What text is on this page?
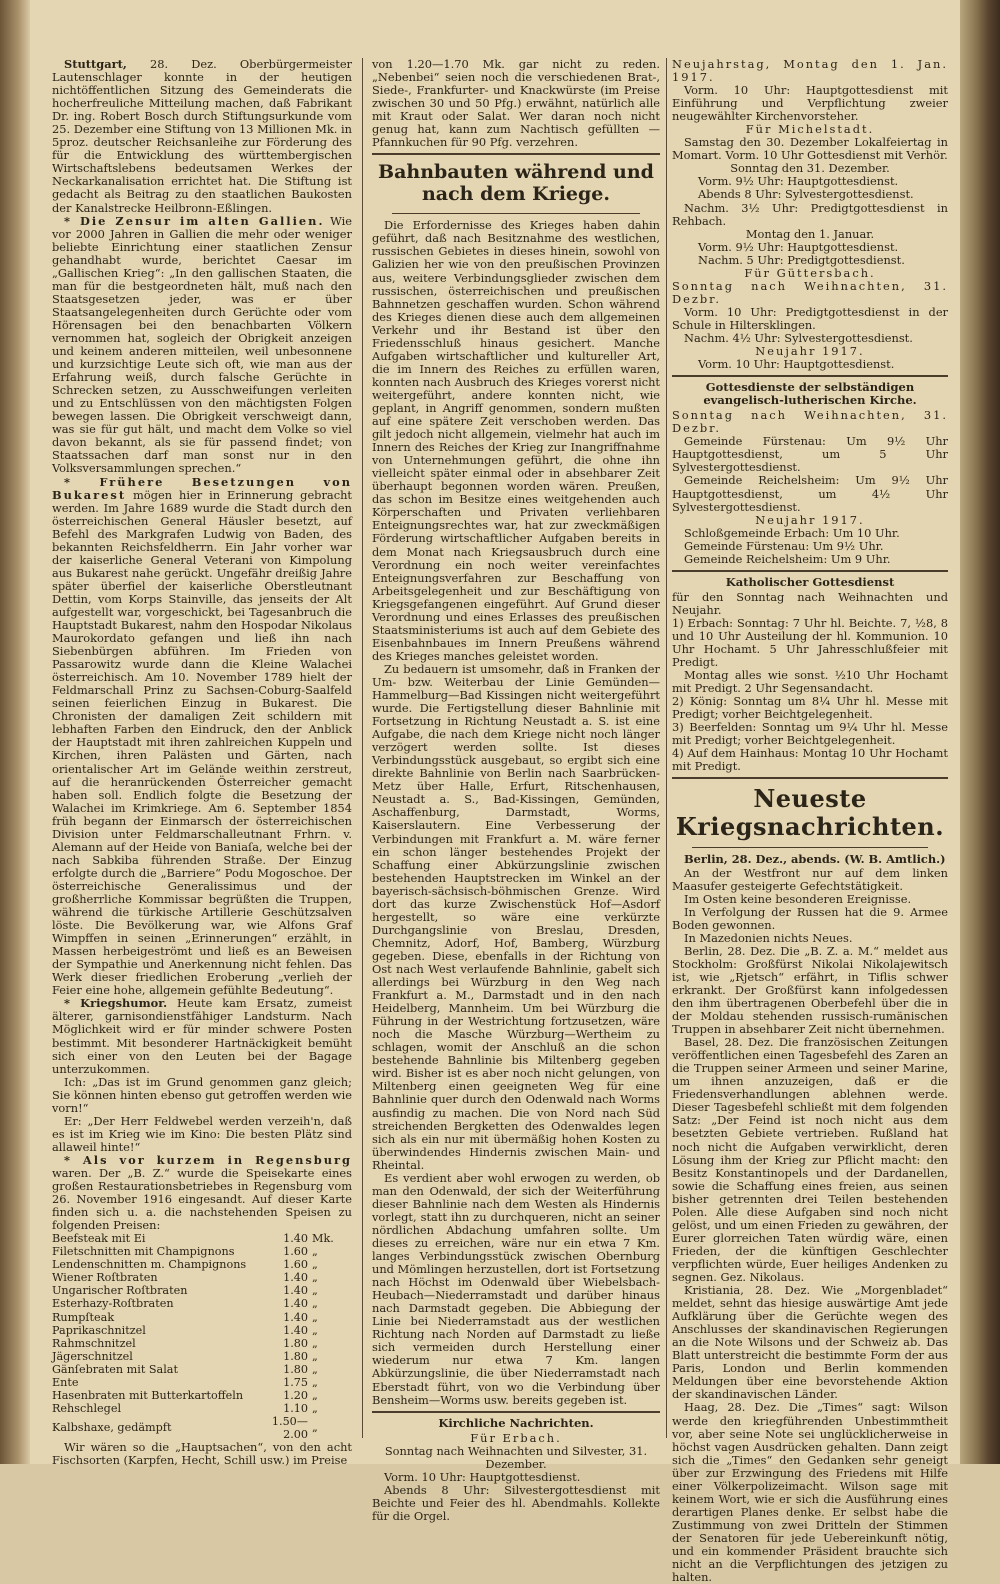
Stuttgart, 28. Dez. Oberbürgermeister Lautenschlager konnte in der heutigen nichtöffentlichen Sitzung des Gemeinderats die hocherfreuliche Mitteilung machen, daß Fabrikant Dr. ing. Robert Bosch durch Stiftungsurkunde vom 25. Dezember eine Stiftung von 13 Millionen Mk. in 5proz. deutscher Reichsanleihe zur Förderung des für die Entwicklung des württembergischen Wirtschaftslebens bedeutsamen Werkes der Neckarkanalisation errichtet hat. Die Stiftung ist gedacht als Beitrag zu den staatlichen Baukosten der Kanalstrecke Heilbronn-Eßlingen.

* Die Zensur im alten Gallien. Wie vor 2000 Jahren in Gallien die mehr oder weniger beliebte Einrichtung einer staatlichen Zensur gehandhabt wurde, berichtet Caesar im „Gallischen Krieg“: „In den gallischen Staaten, die man für die bestgeordneten hält, muß nach den Staatsgesetzen jeder, was er über Staatsangelegenheiten durch Gerüchte oder vom Hörensagen bei den benachbarten Völkern vernommen hat, sogleich der Obrigkeit anzeigen und keinem anderen mitteilen, weil unbesonnene und kurzsichtige Leute sich oft, wie man aus der Erfahrung weiß, durch falsche Gerüchte in Schrecken setzen, zu Ausschweifungen verleiten und zu Entschlüssen von den mächtigsten Folgen bewegen lassen. Die Obrigkeit verschweigt dann, was sie für gut hält, und macht dem Volke so viel davon bekannt, als sie für passend findet; von Staatssachen darf man sonst nur in den Volksversammlungen sprechen.“

* Frühere Besetzungen von Bukarest mögen hier in Erinnerung gebracht werden. Im Jahre 1689 wurde die Stadt durch den österreichischen General Häusler besetzt, auf Befehl des Markgrafen Ludwig von Baden, des bekannten Reichsfeldherrn. Ein Jahr vorher war der kaiserliche General Veterani von Kimpolung aus Bukarest nahe gerückt. Ungefähr dreißig Jahre später überfiel der kaiserliche Oberstleutnant Dettin, vom Korps Stainville, das jenseits der Alt aufgestellt war, vorgeschickt, bei Tagesanbruch die Hauptstadt Bukarest, nahm den Hospodar Nikolaus Maurokordato gefangen und ließ ihn nach Siebenbürgen abführen. Im Frieden von Passarowitz wurde dann die Kleine Walachei österreichisch. Am 10. November 1789 hielt der Feldmarschall Prinz zu Sachsen-Coburg-Saalfeld seinen feierlichen Einzug in Bukarest. Die Chronisten der damaligen Zeit schildern mit lebhaften Farben den Eindruck, den der Anblick der Hauptstadt mit ihren zahlreichen Kuppeln und Kirchen, ihren Palästen und Gärten, nach orientalischer Art im Gelände weithin zerstreut, auf die heranrückenden Österreicher gemacht haben soll. Endlich folgte die Besetzung der Walachei im Krimkriege. Am 6. September 1854 früh begann der Einmarsch der österreichischen Division unter Feldmarschalleutnant Frhrn. v. Alemann auf der Heide von Baniaſa, welche bei der nach Sabkiba führenden Straße. Der Einzug erfolgte durch die „Barriere“ Podu Mogoschoe. Der österreichische Generalissimus und der großherrliche Kommissar begrüßten die Truppen, während die türkische Artillerie Geschützsalven löste. Die Bevölkerung war, wie Alfons Graf Wimpffen in seinen „Erinnerungen“ erzählt, in Massen herbeigeströmt und ließ es an Beweisen der Sympathie und Anerkennung nicht fehlen. Das Werk dieser friedlichen Eroberung „verlieh der Feier eine hohe, allgemein gefühlte Bedeutung“.

* Kriegshumor. Heute kam Ersatz, zumeist älterer, garnisondienstfähiger Landsturm. Nach Möglichkeit wird er für minder schwere Posten bestimmt. Mit besonderer Hartnäckigkeit bemüht sich einer von den Leuten bei der Bagage unterzukommen.

Ich: „Das ist im Grund genommen ganz gleich; Sie können hinten ebenso gut getroffen werden wie vorn!“

Er: „Der Herr Feldwebel werden verzeih'n, daß es ist im Krieg wie im Kino: Die besten Plätz sind allaweil hinte!“

* Als vor kurzem in Regensburg waren. Der „B. Z.“ wurde die Speisekarte eines großen Restaurationsbetriebes in Regensburg vom 26. November 1916 eingesandt. Auf dieser Karte finden sich u. a. die nachstehenden Speisen zu folgenden Preisen:

Beefsteak mit Ei	1.40	Mk.
Filetschnitten mit Champignons	1.60	„
Lendenschnitten m. Champignons	1.60	„
Wiener Roſtbraten	1.40	„
Ungarischer Roſtbraten	1.40	„
Esterhazy-Roſtbraten	1.40	„
Rumpſteak	1.40	„
Paprikaschnitzel	1.40	„
Rahmschnitzel	1.80	„
Jägerschnitzel	1.80	„
Gänſebraten mit Salat	1.80	„
Ente	1.75	„
Hasenbraten mit Butterkartoffeln	1.20	„
Rehschlegel	1.10	„
Kalbshaxe, gedämpft	1.50—2.00	„

Wir wären so die „Hauptsachen“, von den acht Fischsorten (Karpfen, Hecht, Schill usw.) im Preise

von 1.20—1.70 Mk. gar nicht zu reden. „Nebenbei“ seien noch die verschiedenen Brat-, Siede-, Frankfurter- und Knackwürste (im Preise zwischen 30 und 50 Pfg.) erwähnt, natürlich alle mit Kraut oder Salat. Wer daran noch nicht genug hat, kann zum Nachtisch gefüllten — Pfannkuchen für 90 Pfg. verzehren.

Bahnbauten während und nach dem Kriege.

Die Erfordernisse des Krieges haben dahin geführt, daß nach Besitznahme des westlichen, russischen Gebietes in dieses hinein, sowohl von Galizien her wie von den preußischen Provinzen aus, weitere Verbindungsglieder zwischen dem russischen, österreichischen und preußischen Bahnnetzen geschaffen wurden. Schon während des Krieges dienen diese auch dem allgemeinen Verkehr und ihr Bestand ist über den Friedensschluß hinaus gesichert. Manche Aufgaben wirtschaftlicher und kultureller Art, die im Innern des Reiches zu erfüllen waren, konnten nach Ausbruch des Krieges vorerst nicht weitergeführt, andere konnten nicht, wie geplant, in Angriff genommen, sondern mußten auf eine spätere Zeit verschoben werden. Das gilt jedoch nicht allgemein, vielmehr hat auch im Innern des Reiches der Krieg zur Inangriffnahme von Unternehmungen geführt, die ohne ihn vielleicht später einmal oder in absehbarer Zeit überhaupt begonnen worden wären. Preußen, das schon im Besitze eines weitgehenden auch Körperschaften und Privaten verliehbaren Enteignungsrechtes war, hat zur zweckmäßigen Förderung wirtschaftlicher Aufgaben bereits in dem Monat nach Kriegsausbruch durch eine Verordnung ein noch weiter vereinfachtes Enteignungsverfahren zur Beschaffung von Arbeitsgelegenheit und zur Beschäftigung von Kriegsgefangenen eingeführt. Auf Grund dieser Verordnung und eines Erlasses des preußischen Staatsministeriums ist auch auf dem Gebiete des Eisenbahnbaues im Innern Preußens während des Krieges manches geleistet worden.

Zu bedauern ist umsomehr, daß in Franken der Um- bzw. Weiterbau der Linie Gemünden—Hammelburg—Bad Kissingen nicht weitergeführt wurde. Die Fertigstellung dieser Bahnlinie mit Fortsetzung in Richtung Neustadt a. S. ist eine Aufgabe, die nach dem Kriege nicht noch länger verzögert werden sollte. Ist dieses Verbindungsstück ausgebaut, so ergibt sich eine direkte Bahnlinie von Berlin nach Saarbrücken-Metz über Halle, Erfurt, Ritschenhausen, Neustadt a. S., Bad-Kissingen, Gemünden, Aschaffenburg, Darmstadt, Worms, Kaiserslautern. Eine Verbesserung der Verbindungen mit Frankfurt a. M. wäre ferner ein schon länger bestehendes Projekt der Schaffung einer Abkürzungslinie zwischen bestehenden Hauptstrecken im Winkel an der bayerisch-sächsisch-böhmischen Grenze. Wird dort das kurze Zwischenstück Hof—Asdorf hergestellt, so wäre eine verkürzte Durchgangslinie von Breslau, Dresden, Chemnitz, Adorf, Hof, Bamberg, Würzburg gegeben. Diese, ebenfalls in der Richtung von Ost nach West verlaufende Bahnlinie, gabelt sich allerdings bei Würzburg in den Weg nach Frankfurt a. M., Darmstadt und in den nach Heidelberg, Mannheim. Um bei Würzburg die Führung in der Westrichtung fortzusetzen, wäre noch die Masche Würzburg—Wertheim zu schlagen, womit der Anschluß an die schon bestehende Bahnlinie bis Miltenberg gegeben wird. Bisher ist es aber noch nicht gelungen, von Miltenberg einen geeigneten Weg für eine Bahnlinie quer durch den Odenwald nach Worms ausfindig zu machen. Die von Nord nach Süd streichenden Bergketten des Odenwaldes legen sich als ein nur mit übermäßig hohen Kosten zu überwindendes Hindernis zwischen Main- und Rheintal.

Es verdient aber wohl erwogen zu werden, ob man den Odenwald, der sich der Weiterführung dieser Bahnlinie nach dem Westen als Hindernis vorlegt, statt ihn zu durchqueren, nicht an seiner nördlichen Abdachung umfahren sollte. Um dieses zu erreichen, wäre nur ein etwa 7 Km. langes Verbindungsstück zwischen Obernburg und Mömlingen herzustellen, dort ist Fortsetzung nach Höchst im Odenwald über Wiebelsbach-Heubach—Niederramstadt und darüber hinaus nach Darmstadt gegeben. Die Abbiegung der Linie bei Niederramstadt aus der westlichen Richtung nach Norden auf Darmstadt zu ließe sich vermeiden durch Herstellung einer wiederum nur etwa 7 Km. langen Abkürzungslinie, die über Niederramstadt nach Eberstadt führt, von wo die Verbindung über Bensheim—Worms usw. bereits gegeben ist.

Kirchliche Nachrichten.

Für Erbach.

Sonntag nach Weihnachten und Silvester, 31. Dezember.

Vorm. 10 Uhr: Hauptgottesdienst.

Abends 8 Uhr: Silvestergottesdienst mit Beichte und Feier des hl. Abendmahls. Kollekte für die Orgel.

Neujahrstag, Montag den 1. Jan. 1917.

Vorm. 10 Uhr: Hauptgottesdienst mit Einführung und Verpflichtung zweier neugewählter Kirchenvorsteher.

Für Michelstadt.

Samstag den 30. Dezember Lokalfeiertag in Momart. Vorm. 10 Uhr Gottesdienst mit Verhör.

Sonntag den 31. Dezember.

Vorm. 9½ Uhr: Hauptgottesdienst.

Abends 8 Uhr: Sylvestergottesdienst.

Nachm. 3½ Uhr: Predigtgottesdienst in Rehbach.

Montag den 1. Januar.

Vorm. 9½ Uhr: Hauptgottesdienst.

Nachm. 5 Uhr: Predigtgottesdienst.

Für Güttersbach.

Sonntag nach Weihnachten, 31. Dezbr.

Vorm. 10 Uhr: Predigtgottesdienst in der Schule in Hiltersklingen.

Nachm. 4½ Uhr: Sylvestergottesdienst.

Neujahr 1917.

Vorm. 10 Uhr: Hauptgottesdienst.

Gottesdienste der selbständigen evangelisch-lutherischen Kirche.

Sonntag nach Weihnachten, 31. Dezbr.

Gemeinde Fürstenau: Um 9½ Uhr Hauptgottesdienst, um 5 Uhr Sylvestergottesdienst.

Gemeinde Reichelsheim: Um 9½ Uhr Hauptgottesdienst, um 4½ Uhr Sylvestergottesdienst.

Neujahr 1917.

Schloßgemeinde Erbach: Um 10 Uhr.

Gemeinde Fürstenau: Um 9½ Uhr.

Gemeinde Reichelsheim: Um 9 Uhr.

Katholischer Gottesdienst

für den Sonntag nach Weihnachten und Neujahr.

1) Erbach: Sonntag: 7 Uhr hl. Beichte. 7, ½8, 8 und 10 Uhr Austeilung der hl. Kommunion. 10 Uhr Hochamt. 5 Uhr Jahresschlußfeier mit Predigt.

Montag alles wie sonst. ½10 Uhr Hochamt mit Predigt. 2 Uhr Segensandacht.

2) König: Sonntag um 8¼ Uhr hl. Messe mit Predigt; vorher Beichtgelegenheit.

3) Beerfelden: Sonntag um 9¼ Uhr hl. Messe mit Predigt; vorher Beichtgelegenheit.

4) Auf dem Hainhaus: Montag 10 Uhr Hochamt mit Predigt.

Neueste Kriegsnachrichten.

Berlin, 28. Dez., abends. (W. B. Amtlich.)

An der Westfront nur auf dem linken Maasufer gesteigerte Gefechtstätigkeit.

Im Osten keine besonderen Ereignisse.

In Verfolgung der Russen hat die 9. Armee Boden gewonnen.

In Mazedonien nichts Neues.

Berlin, 28. Dez. Die „B. Z. a. M.“ meldet aus Stockholm: Großfürst Nikolai Nikolajewitsch ist, wie „Rjetsch“ erfährt, in Tiflis schwer erkrankt. Der Großfürst kann infolgedessen den ihm übertragenen Oberbefehl über die in der Moldau stehenden russisch-rumänischen Truppen in absehbarer Zeit nicht übernehmen.

Basel, 28. Dez. Die französischen Zeitungen veröffentlichen einen Tagesbefehl des Zaren an die Truppen seiner Armeen und seiner Marine, um ihnen anzuzeigen, daß er die Friedensverhandlungen ablehnen werde. Dieser Tagesbefehl schließt mit dem folgenden Satz: „Der Feind ist noch nicht aus dem besetzten Gebiete vertrieben. Rußland hat noch nicht die Aufgaben verwirklicht, deren Lösung ihm der Krieg zur Pflicht macht: den Besitz Konstantinopels und der Dardanellen, sowie die Schaffung eines freien, aus seinen bisher getrennten drei Teilen bestehenden Polen. Alle diese Aufgaben sind noch nicht gelöst, und um einen Frieden zu gewähren, der Eurer glorreichen Taten würdig wäre, einen Frieden, der die künftigen Geschlechter verpflichten würde, Euer heiliges Andenken zu segnen. Gez. Nikolaus.

Kristiania, 28. Dez. Wie „Morgenbladet“ meldet, sehnt das hiesige auswärtige Amt jede Aufklärung über die Gerüchte wegen des Anschlusses der skandinavischen Regierungen an die Note Wilsons und der Schweiz ab. Das Blatt unterstreicht die bestimmte Form der aus Paris, London und Berlin kommenden Meldungen über eine bevorstehende Aktion der skandinavischen Länder.

Haag, 28. Dez. Die „Times“ sagt: Wilson werde den kriegführenden Unbestimmtheit vor, aber seine Note sei unglücklicherweise in höchst vagen Ausdrücken gehalten. Dann zeigt sich die „Times“ den Gedanken sehr geneigt über zur Erzwingung des Friedens mit Hilfe einer Völkerpolizeimacht. Wilson sage mit keinem Wort, wie er sich die Ausführung eines derartigen Planes denke. Er selbst habe die Zustimmung von zwei Dritteln der Stimmen der Senatoren für jede Uebereinkunft nötig, und ein kommender Präsident brauchte sich nicht an die Verpflichtungen des jetzigen zu halten.
